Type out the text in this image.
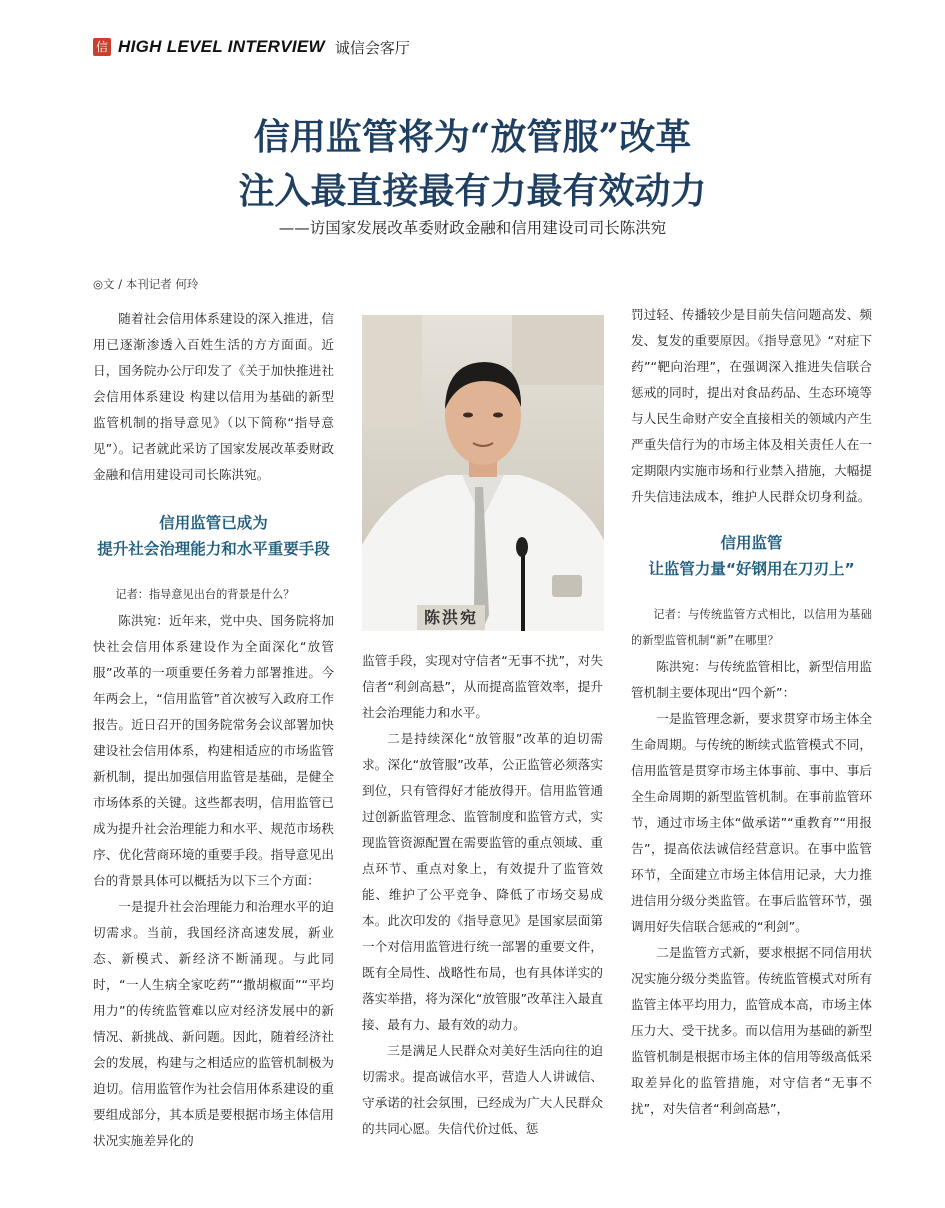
信 HIGH LEVEL INTERVIEW 诚信会客厅
信用监管将为“放管服”改革
注入最直接最有力最有效动力

——访国家发展改革委财政金融和信用建设司司长陈洪宛

◎文 / 本刊记者 何玲

随着社会信用体系建设的深入推进，信用已逐渐渗透入百姓生活的方方面面。近日，国务院办公厅印发了《关于加快推进社会信用体系建设 构建以信用为基础的新型监管机制的指导意见》（以下简称“指导意见”）。记者就此采访了国家发展改革委财政金融和信用建设司司长陈洪宛。

信用监管已成为
提升社会治理能力和水平重要手段

记者：指导意见出台的背景是什么？

陈洪宛：近年来，党中央、国务院将加快社会信用体系建设作为全面深化“放管服”改革的一项重要任务着力部署推进。今年两会上，“信用监管”首次被写入政府工作报告。近日召开的国务院常务会议部署加快建设社会信用体系，构建相适应的市场监管新机制，提出加强信用监管是基础，是健全市场体系的关键。这些都表明，信用监管已成为提升社会治理能力和水平、规范市场秩序、优化营商环境的重要手段。指导意见出台的背景具体可以概括为以下三个方面：

一是提升社会治理能力和治理水平的迫切需求。当前，我国经济高速发展，新业态、新模式、新经济不断涌现。与此同时，“一人生病全家吃药”“撒胡椒面”“平均用力”的传统监管难以应对经济发展中的新情况、新挑战、新问题。因此，随着经济社会的发展，构建与之相适应的监管机制极为迫切。信用监管作为社会信用体系建设的重要组成部分，其本质是要根据市场主体信用状况实施差异化的

陈洪宛

监管手段，实现对守信者“无事不扰”，对失信者“利剑高悬”，从而提高监管效率，提升社会治理能力和水平。

二是持续深化“放管服”改革的迫切需求。深化“放管服”改革，公正监管必须落实到位，只有管得好才能放得开。信用监管通过创新监管理念、监管制度和监管方式，实现监管资源配置在需要监管的重点领域、重点环节、重点对象上，有效提升了监管效能、维护了公平竞争、降低了市场交易成本。此次印发的《指导意见》是国家层面第一个对信用监管进行统一部署的重要文件，既有全局性、战略性布局，也有具体详实的落实举措，将为深化“放管服”改革注入最直接、最有力、最有效的动力。

三是满足人民群众对美好生活向往的迫切需求。提高诚信水平，营造人人讲诚信、守承诺的社会氛围，已经成为广大人民群众的共同心愿。失信代价过低、惩

罚过轻、传播较少是目前失信问题高发、频发、复发的重要原因。《指导意见》“对症下药”“靶向治理”，在强调深入推进失信联合惩戒的同时，提出对食品药品、生态环境等与人民生命财产安全直接相关的领域内产生严重失信行为的市场主体及相关责任人在一定期限内实施市场和行业禁入措施，大幅提升失信违法成本，维护人民群众切身利益。

信用监管
让监管力量“好钢用在刀刃上”

记者：与传统监管方式相比，以信用为基础的新型监管机制“新”在哪里？

陈洪宛：与传统监管相比，新型信用监管机制主要体现出“四个新”：

一是监管理念新，要求贯穿市场主体全生命周期。与传统的断续式监管模式不同，信用监管是贯穿市场主体事前、事中、事后全生命周期的新型监管机制。在事前监管环节，通过市场主体“做承诺”“重教育”“用报告”，提高依法诚信经营意识。在事中监管环节，全面建立市场主体信用记录，大力推进信用分级分类监管。在事后监管环节，强调用好失信联合惩戒的“利剑”。

二是监管方式新，要求根据不同信用状况实施分级分类监管。传统监管模式对所有监管主体平均用力，监管成本高，市场主体压力大、受干扰多。而以信用为基础的新型监管机制是根据市场主体的信用等级高低采取差异化的监管措施，对守信者“无事不扰”，对失信者“利剑高悬”，
